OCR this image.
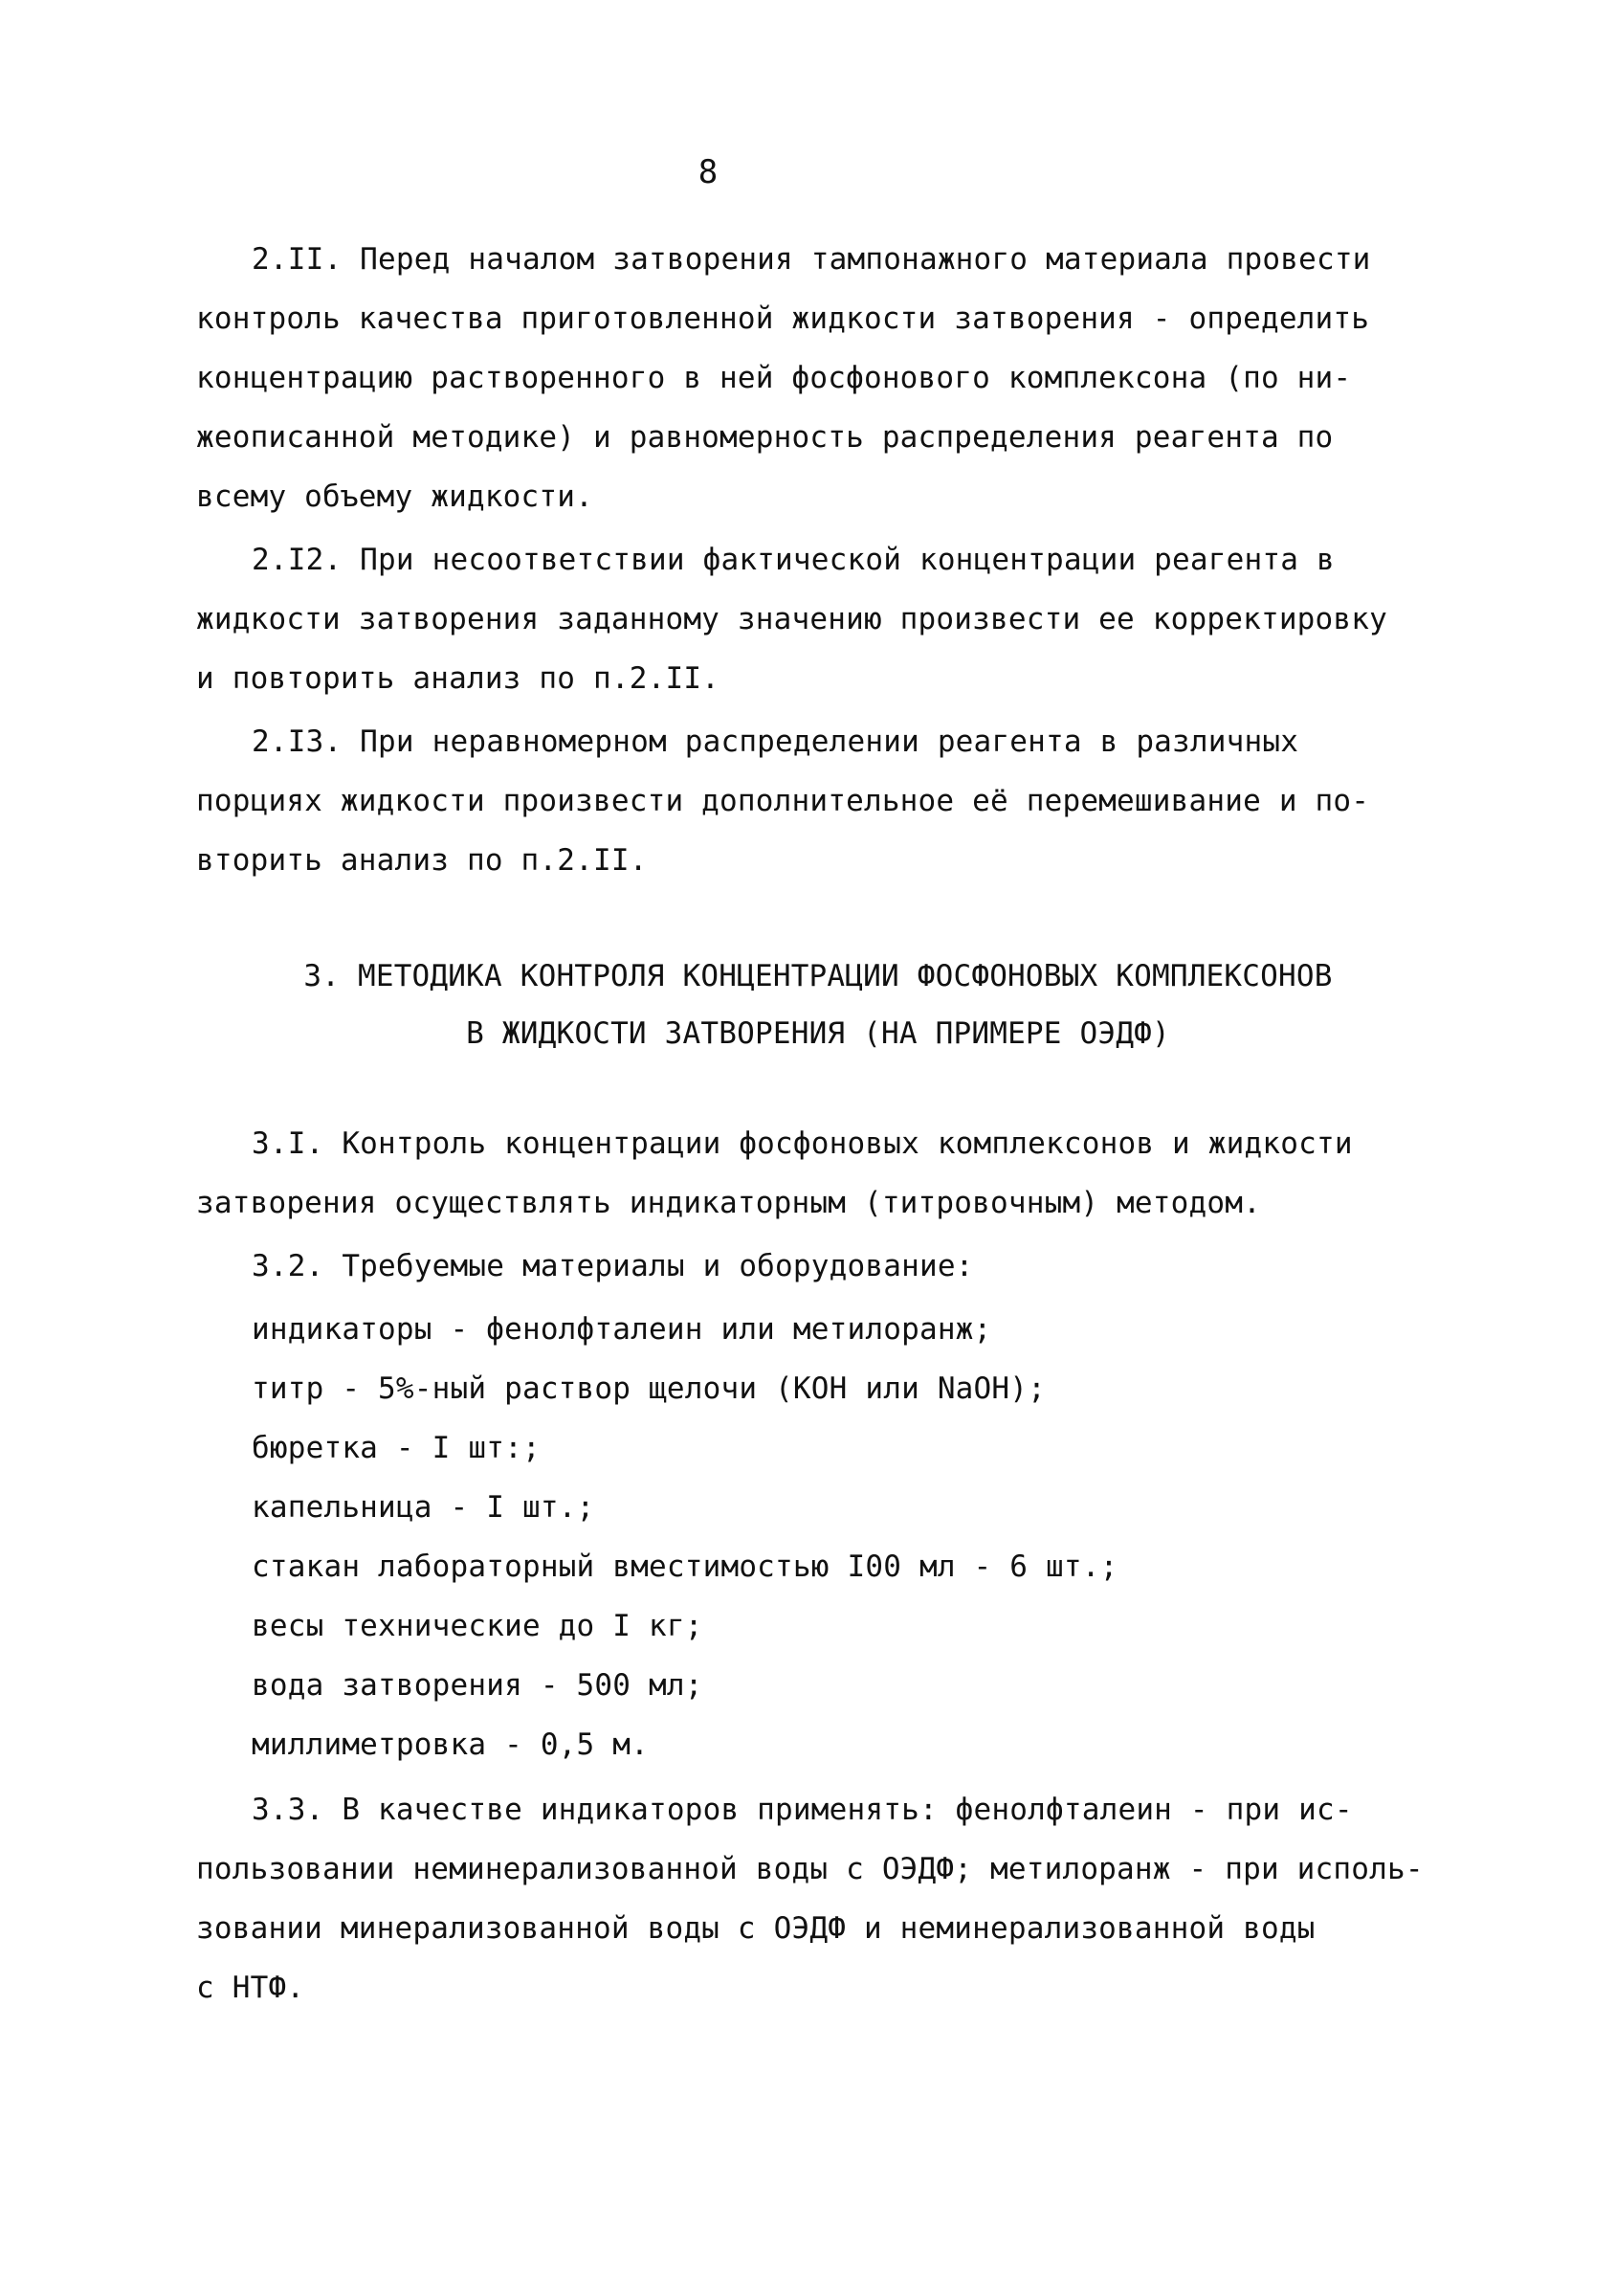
8

2.II. Перед началом затворения тампонажного материала провести
контроль качества приготовленной жидкости затворения - определить
концентрацию растворенного в ней фосфонового комплексона (по ни-
жеописанной методике) и равномерность распределения реагента по
всему объему жидкости.

2.I2. При несоответствии фактической концентрации реагента в
жидкости затворения заданному значению произвести ее корректировку
и повторить анализ по п.2.II.

2.I3. При неравномерном распределении реагента в различных
порциях жидкости произвести дополнительное её перемешивание и по-
вторить анализ по п.2.II.

3. МЕТОДИКА КОНТРОЛЯ КОНЦЕНТРАЦИИ ФОСФОНОВЫХ КОМПЛЕКСОНОВ
В ЖИДКОСТИ ЗАТВОРЕНИЯ (НА ПРИМЕРЕ ОЭДФ)

3.I. Контроль концентрации фосфоновых комплексонов и жидкости
затворения осуществлять индикаторным (титровочным) методом.

3.2. Требуемые материалы и оборудование:

индикаторы - фенолфталеин или метилоранж;
титр - 5%-ный раствор щелочи (КОН или NaOH);
бюретка - I шт:;
капельница - I шт.;
стакан лабораторный вместимостью I00 мл - 6 шт.;
весы технические до I кг;
вода затворения - 500 мл;
миллиметровка - 0,5 м.

3.3. В качестве индикаторов применять: фенолфталеин - при ис-
пользовании неминерализованной воды с ОЭДФ; метилоранж - при исполь-
зовании минерализованной воды с ОЭДФ и неминерализованной воды
с НТФ.
